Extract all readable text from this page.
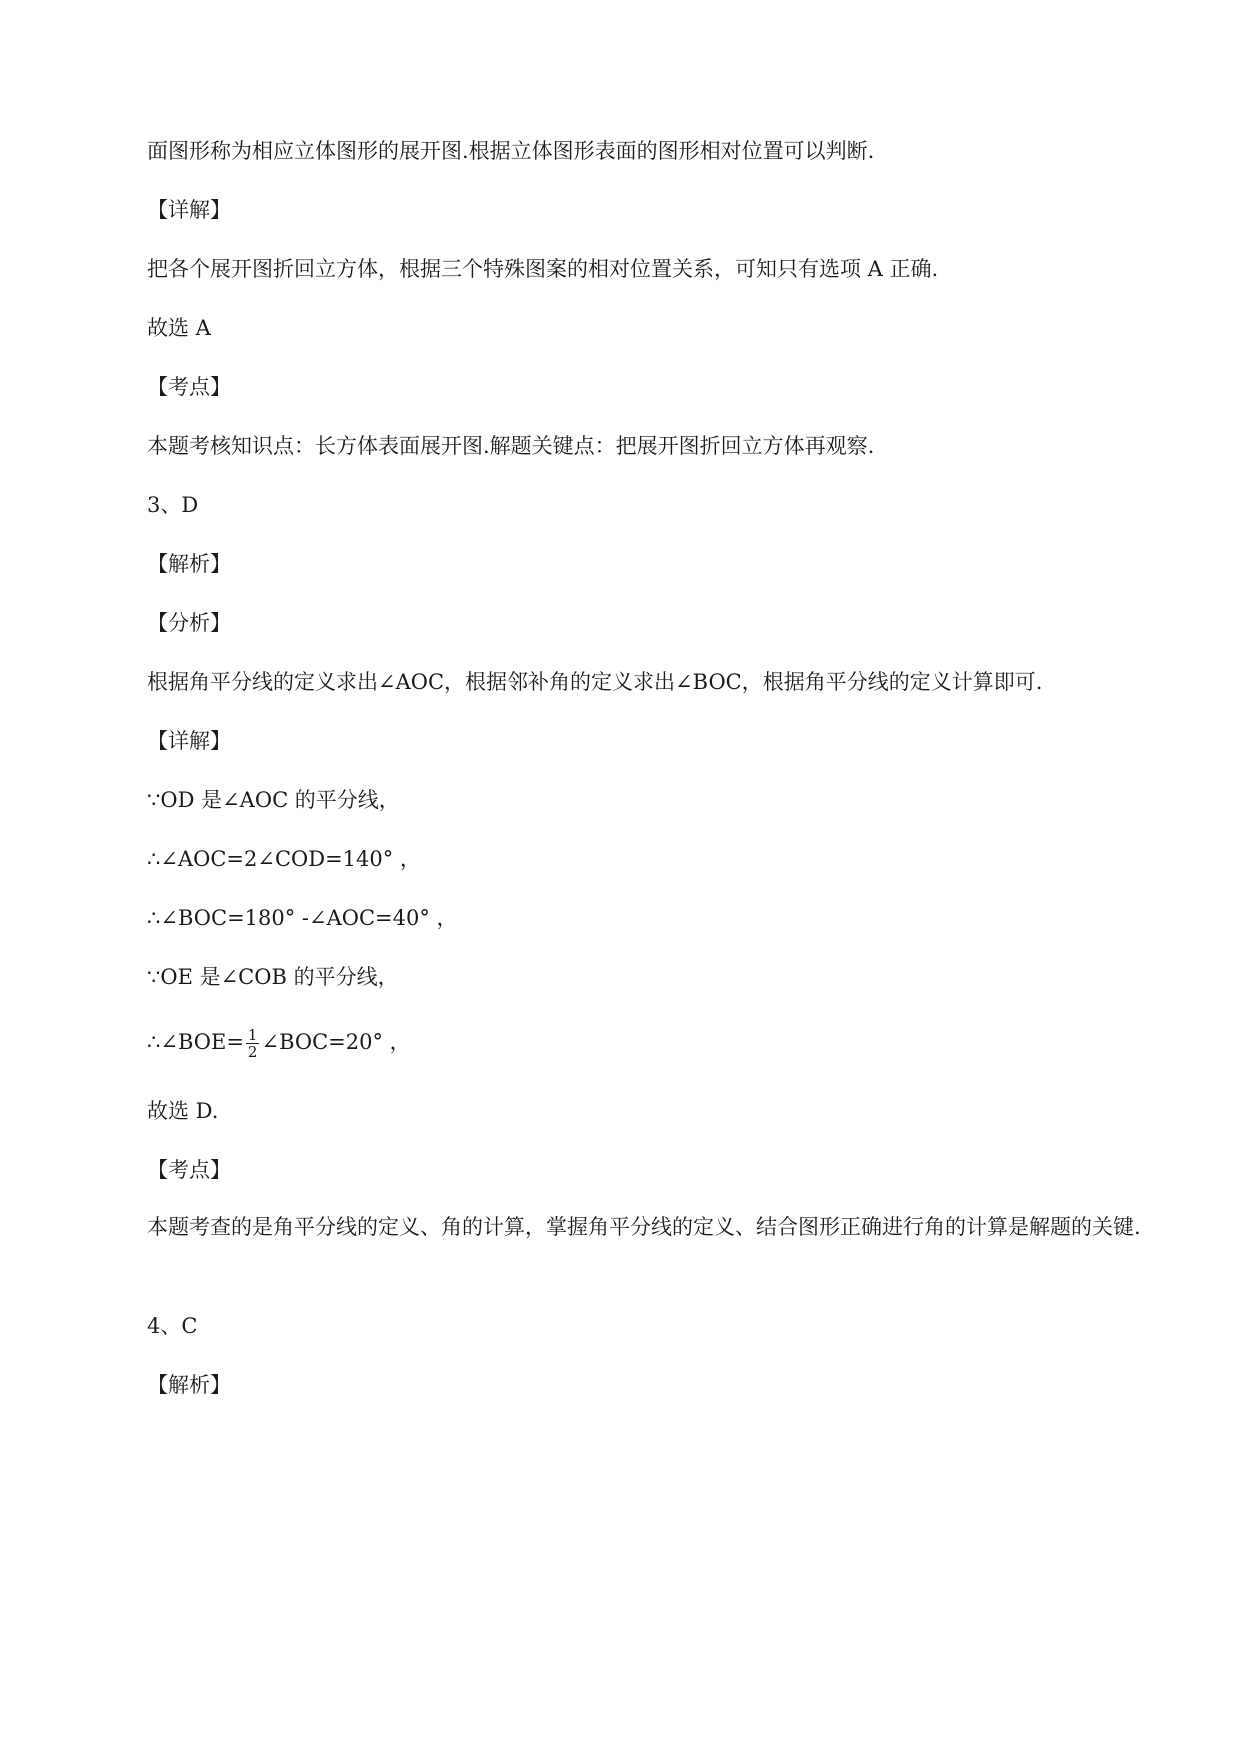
面图形称为相应立体图形的展开图.根据立体图形表面的图形相对位置可以判断.
【详解】
把各个展开图折回立方体，根据三个特殊图案的相对位置关系，可知只有选项 A 正确.
故选 A
【考点】
本题考核知识点：长方体表面展开图.解题关键点：把展开图折回立方体再观察.
3、D
【解析】
【分析】
根据角平分线的定义求出∠AOC，根据邻补角的定义求出∠BOC，根据角平分线的定义计算即可.
【详解】
∵OD 是∠AOC 的平分线，
∴∠AOC=2∠COD=140° ，
∴∠BOC=180° -∠AOC=40° ，
∵OE 是∠COB 的平分线，
∴∠BOE= $\frac{1}{2}$ ∠BOC=20° ，
故选 D.
【考点】
本题考查的是角平分线的定义、角的计算，掌握角平分线的定义、结合图形正确进行角的计算是解题的关键.
4、C
【解析】
